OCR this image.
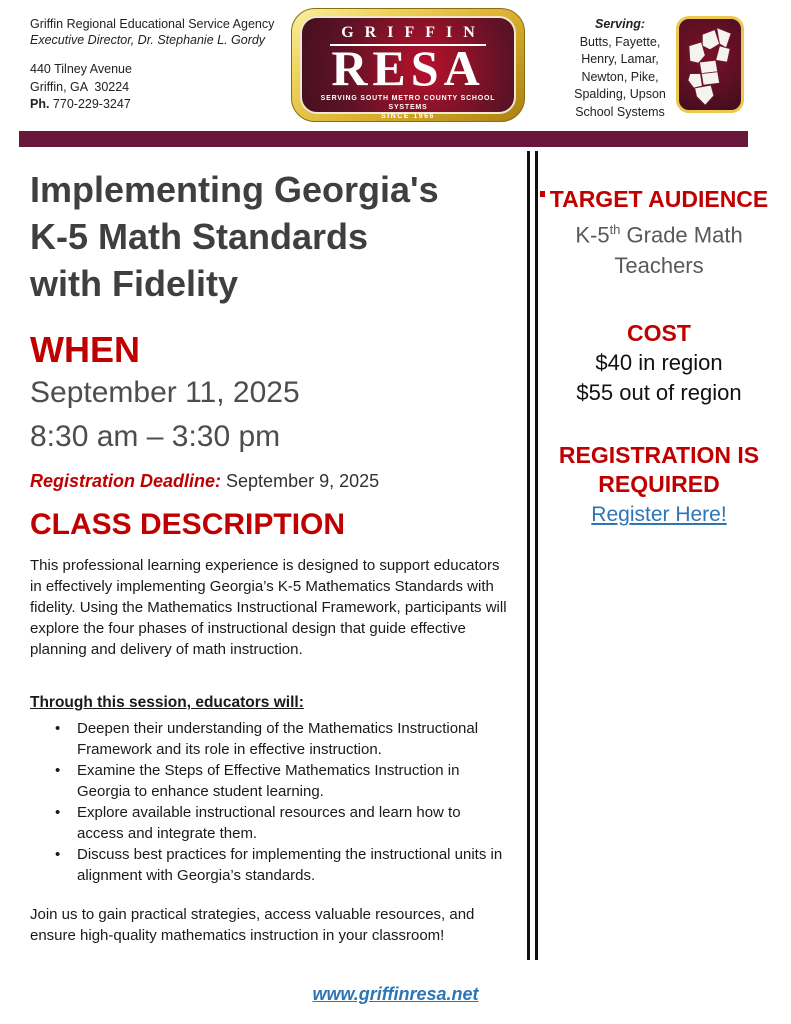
Griffin Regional Educational Service Agency
Executive Director, Dr. Stephanie L. Gordy
440 Tilney Avenue
Griffin, GA  30224
Ph. 770-229-3247
GRIFFIN
RESA
SERVING SOUTH METRO COUNTY SCHOOL SYSTEMS
SINCE 1966
Serving:
Butts, Fayette,
Henry, Lamar,
Newton, Pike,
Spalding, Upson
School Systems
Implementing Georgia's
K-5 Math Standards
with Fidelity
WHEN
September 11, 2025
8:30 am – 3:30 pm
Registration Deadline: September 9, 2025
CLASS DESCRIPTION
This professional learning experience is designed to support educators in effectively implementing Georgia’s K-5 Mathematics Standards with fidelity. Using the Mathematics Instructional Framework, participants will explore the four phases of instructional design that guide effective planning and delivery of math instruction.
Through this session, educators will:
• Deepen their understanding of the Mathematics Instructional Framework and its role in effective instruction.
• Examine the Steps of Effective Mathematics Instruction in Georgia to enhance student learning.
• Explore available instructional resources and learn how to access and integrate them.
• Discuss best practices for implementing the instructional units in alignment with Georgia’s standards.
Join us to gain practical strategies, access valuable resources, and ensure high-quality mathematics instruction in your classroom!
TARGET AUDIENCE
K-5th Grade Math
Teachers
COST
$40 in region
$55 out of region
REGISTRATION IS
REQUIRED
Register Here!
www.griffinresa.net
